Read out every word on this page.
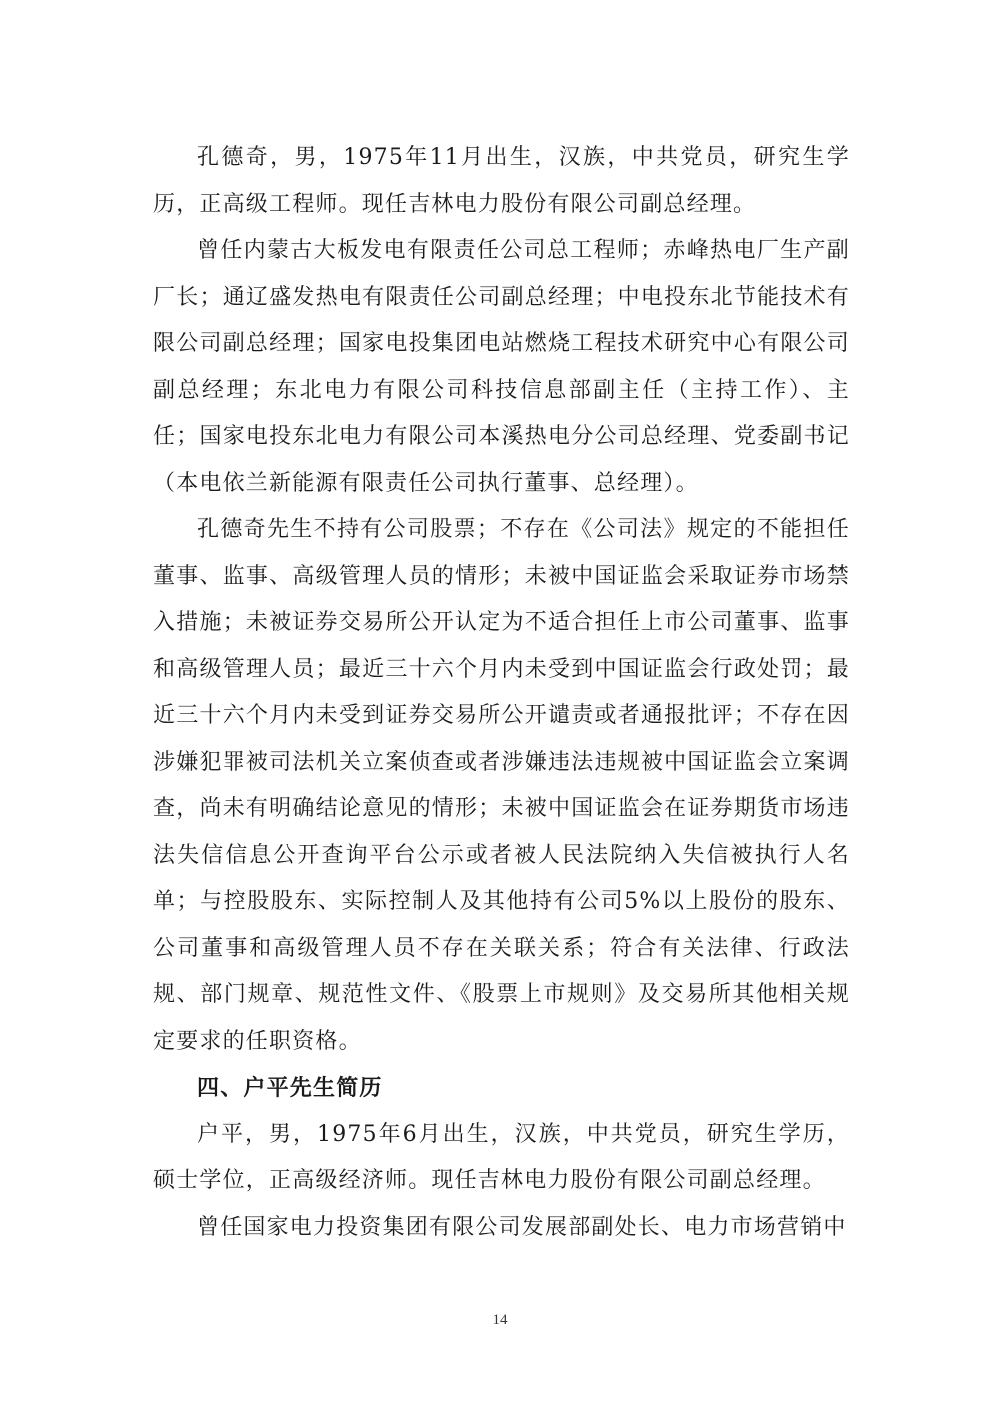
孔德奇，男，1975年11月出生，汉族，中共党员，研究生学历，正高级工程师。现任吉林电力股份有限公司副总经理。

曾任内蒙古大板发电有限责任公司总工程师；赤峰热电厂生产副厂长；通辽盛发热电有限责任公司副总经理；中电投东北节能技术有限公司副总经理；国家电投集团电站燃烧工程技术研究中心有限公司副总经理；东北电力有限公司科技信息部副主任（主持工作）、主任；国家电投东北电力有限公司本溪热电分公司总经理、党委副书记（本电依兰新能源有限责任公司执行董事、总经理）。

孔德奇先生不持有公司股票；不存在《公司法》规定的不能担任董事、监事、高级管理人员的情形；未被中国证监会采取证券市场禁入措施；未被证券交易所公开认定为不适合担任上市公司董事、监事和高级管理人员；最近三十六个月内未受到中国证监会行政处罚；最近三十六个月内未受到证券交易所公开谴责或者通报批评；不存在因涉嫌犯罪被司法机关立案侦查或者涉嫌违法违规被中国证监会立案调查，尚未有明确结论意见的情形；未被中国证监会在证券期货市场违法失信信息公开查询平台公示或者被人民法院纳入失信被执行人名单；与控股股东、实际控制人及其他持有公司5%以上股份的股东、公司董事和高级管理人员不存在关联关系；符合有关法律、行政法规、部门规章、规范性文件、《股票上市规则》及交易所其他相关规定要求的任职资格。

四、户平先生简历

户平，男，1975年6月出生，汉族，中共党员，研究生学历，硕士学位，正高级经济师。现任吉林电力股份有限公司副总经理。

曾任国家电力投资集团有限公司发展部副处长、电力市场营销中

14
